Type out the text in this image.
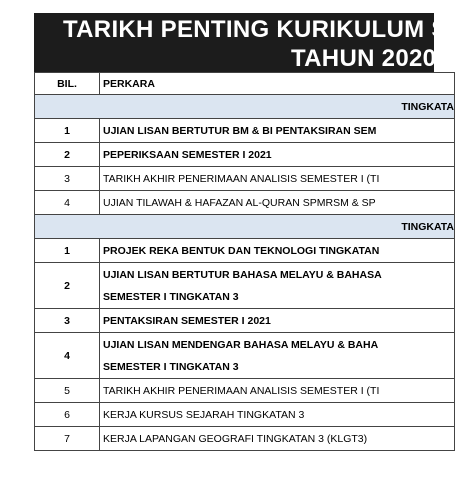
TARIKH PENTING KURIKULUM S
TAHUN 2020
BIL.	PERKARA
TINGKATA	
1	UJIAN LISAN BERTUTUR BM & BI PENTAKSIRAN SEM
2	PEPERIKSAAN SEMESTER I 2021
3	TARIKH AKHIR PENERIMAAN ANALISIS SEMESTER I (TI
4	UJIAN TILAWAH & HAFAZAN AL-QURAN SPMRSM & SP
TINGKATA	
1	PROJEK REKA BENTUK DAN TEKNOLOGI TINGKATAN
2	UJIAN LISAN BERTUTUR BAHASA MELAYU & BAHASA
SEMESTER I TINGKATAN 3

3	PENTAKSIRAN SEMESTER I 2021
4	UJIAN LISAN MENDENGAR BAHASA MELAYU & BAHA
SEMESTER I TINGKATAN 3

5	TARIKH AKHIR PENERIMAAN ANALISIS SEMESTER I (TI
6	KERJA KURSUS SEJARAH TINGKATAN 3
7	KERJA LAPANGAN GEOGRAFI TINGKATAN 3 (KLGT3)
